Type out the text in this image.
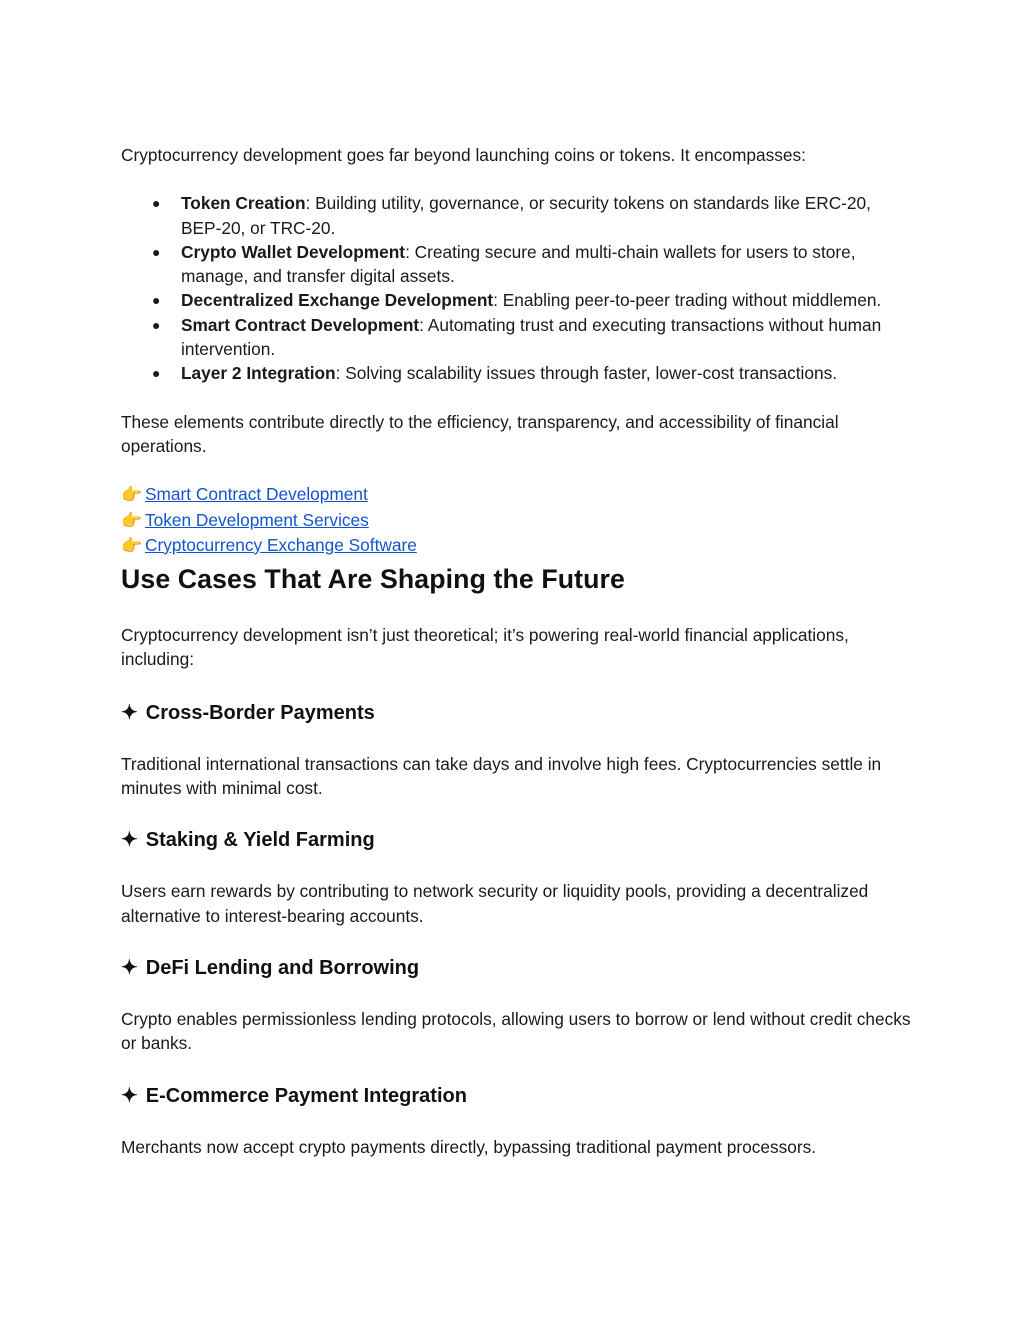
Cryptocurrency development goes far beyond launching coins or tokens. It encompasses:

● Token Creation: Building utility, governance, or security tokens on standards like ERC-20, BEP-20, or TRC-20.
● Crypto Wallet Development: Creating secure and multi-chain wallets for users to store, manage, and transfer digital assets.
● Decentralized Exchange Development: Enabling peer-to-peer trading without middlemen.
● Smart Contract Development: Automating trust and executing transactions without human intervention.
● Layer 2 Integration: Solving scalability issues through faster, lower-cost transactions.

These elements contribute directly to the efficiency, transparency, and accessibility of financial operations.

👉 Smart Contract Development
👉 Token Development Services
👉 Cryptocurrency Exchange Software
Use Cases That Are Shaping the Future

Cryptocurrency development isn’t just theoretical; it’s powering real-world financial applications, including:

✦ Cross-Border Payments

Traditional international transactions can take days and involve high fees. Cryptocurrencies settle in minutes with minimal cost.

✦ Staking & Yield Farming

Users earn rewards by contributing to network security or liquidity pools, providing a decentralized alternative to interest-bearing accounts.

✦ DeFi Lending and Borrowing

Crypto enables permissionless lending protocols, allowing users to borrow or lend without credit checks or banks.

✦ E-Commerce Payment Integration

Merchants now accept crypto payments directly, bypassing traditional payment processors.
